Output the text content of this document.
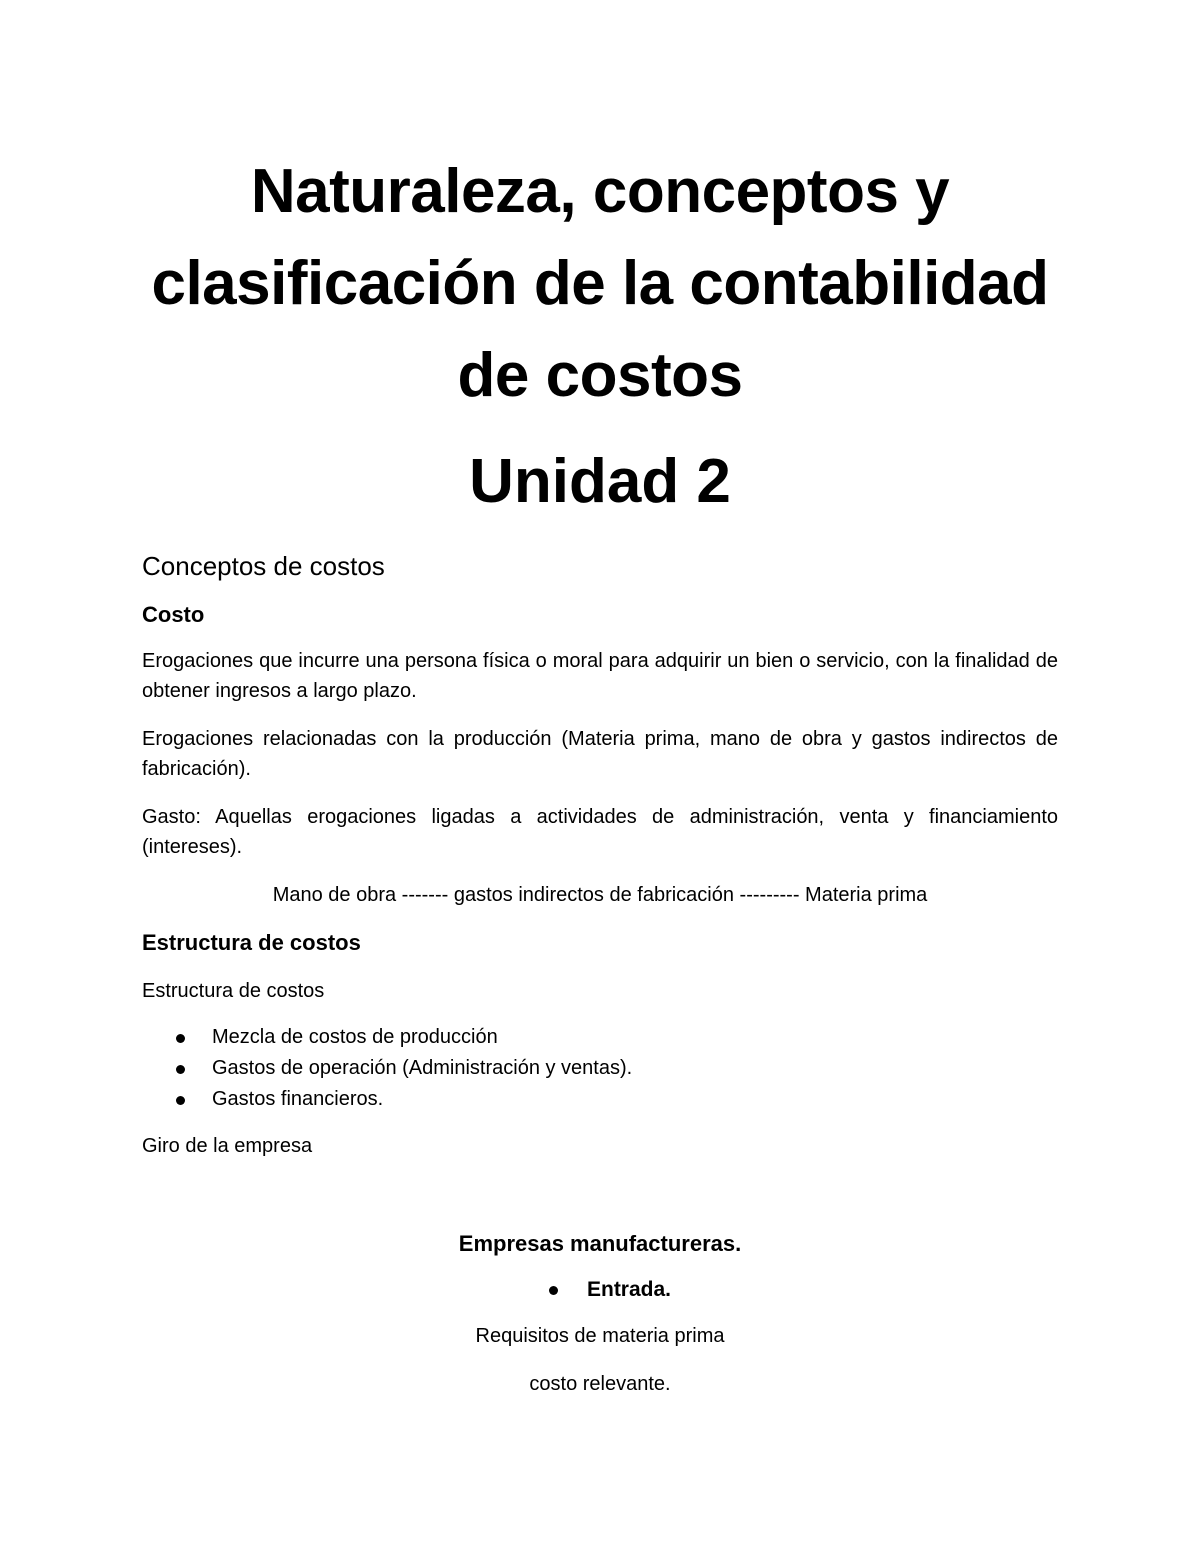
Naturaleza, conceptos y
clasificación de la contabilidad
de costos
Unidad 2
Conceptos de costos
Costo

Erogaciones que incurre una persona física o moral para adquirir un bien o servicio, con la finalidad de obtener ingresos a largo plazo.

Erogaciones relacionadas con la producción (Materia prima, mano de obra y gastos indirectos de fabricación).

Gasto: Aquellas erogaciones ligadas a actividades de administración, venta y financiamiento (intereses).

Mano de obra ------- gastos indirectos de fabricación --------- Materia prima

Estructura de costos

Estructura de costos

Mezcla de costos de producción
Gastos de operación (Administración y ventas).
Gastos financieros.

Giro de la empresa

Empresas manufactureras.
Entrada.

Requisitos de materia prima

costo relevante.
